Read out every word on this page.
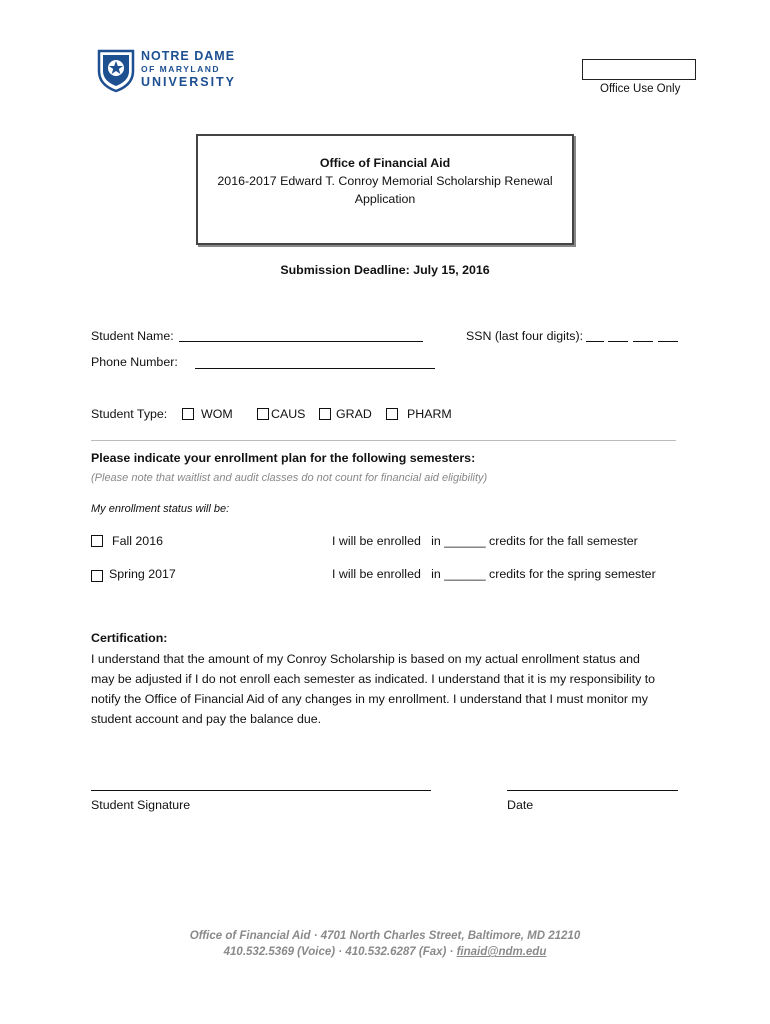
NOTRE DAME
OF MARYLAND
UNIVERSITY	Office Use Only
Office of Financial Aid
2016-2017 Edward T. Conroy Memorial Scholarship Renewal
Application
Submission Deadline: July 15, 2016
Student Name:	SSN (last four digits):
Phone Number:
Student Type:	WOM	CAUS GRAD	PHARM
Please indicate your enrollment plan for the following semesters:
(Please note that waitlist and audit classes do not count for financial aid eligibility)
My enrollment status will be:
Fall 2016	I will be enrolled   in ______ credits for the fall semester
Spring 2017	I will be enrolled   in ______ credits for the spring semester
Certification:
I understand that the amount of my Conroy Scholarship is based on my actual enrollment status and
may be adjusted if I do not enroll each semester as indicated. I understand that it is my responsibility to
notify the Office of Financial Aid of any changes in my enrollment. I understand that I must monitor my
student account and pay the balance due.
Student Signature	Date
Office of Financial Aid · 4701 North Charles Street, Baltimore, MD 21210
410.532.5369 (Voice) · 410.532.6287 (Fax) · finaid@ndm.edu
